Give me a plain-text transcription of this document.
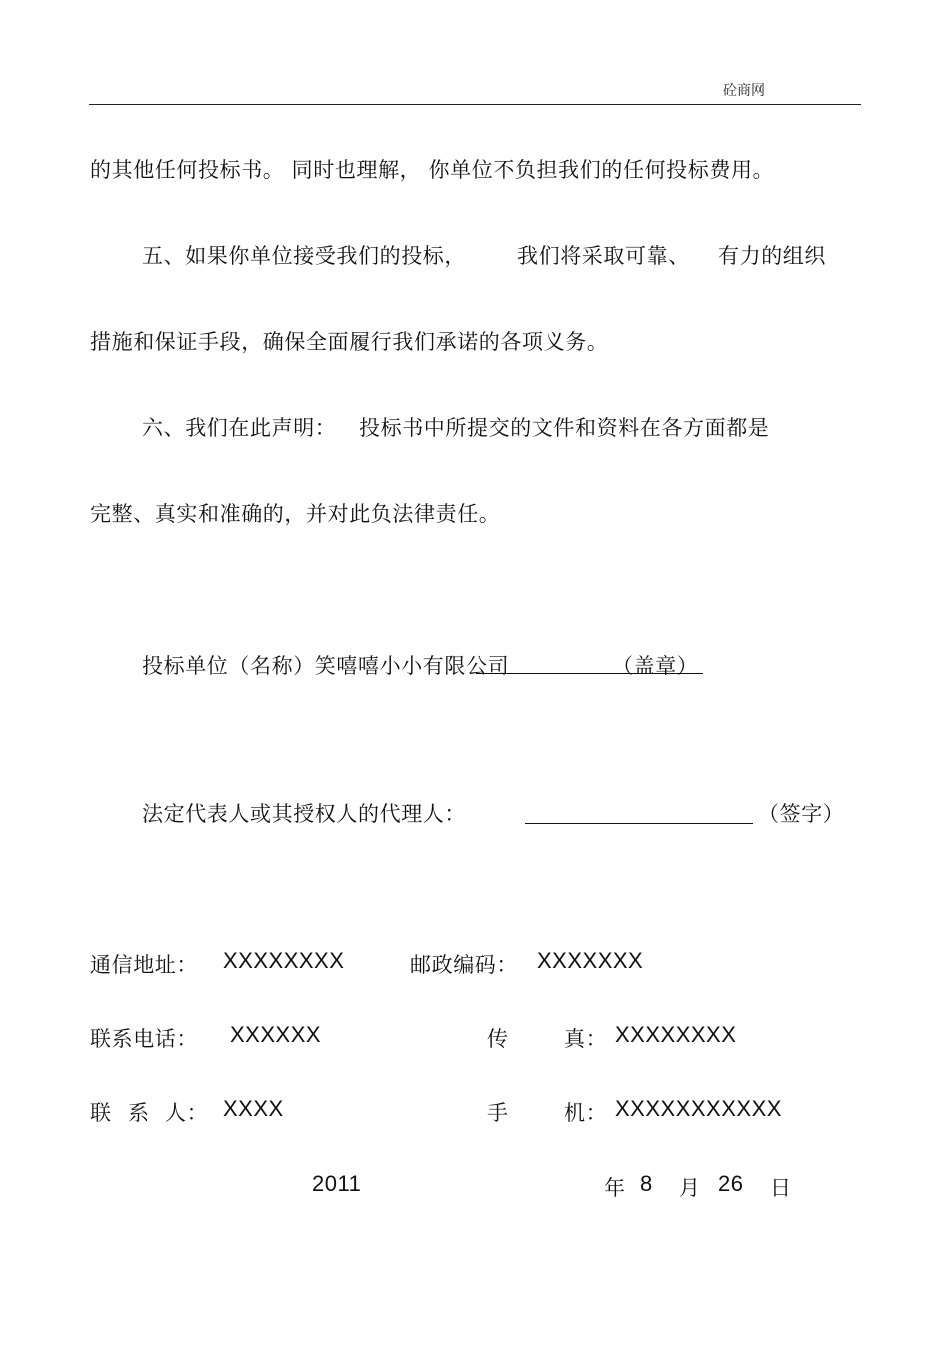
砼商网
的其他任何投标书。 同时也理解， 你单位不负担我们的任何投标费用。
五、如果你单位接受我们的投标， 我们将采取可靠、 有力的组织
措施和保证手段，确保全面履行我们承诺的各项义务。
六、我们在此声明： 投标书中所提交的文件和资料在各方面都是
完整、真实和准确的，并对此负法律责任。
投标单位（名称）笑嘻嘻小小有限公司	（盖章）
法定代表人或其授权人的代理人：	（签字）
通信地址： XXXXXXXX	邮政编码： XXXXXXX
联系电话： XXXXXX	传	真： XXXXXXXX
联 系 人： XXXX	手	机： XXXXXXXXXXX
2011	年 8 月 26 日
